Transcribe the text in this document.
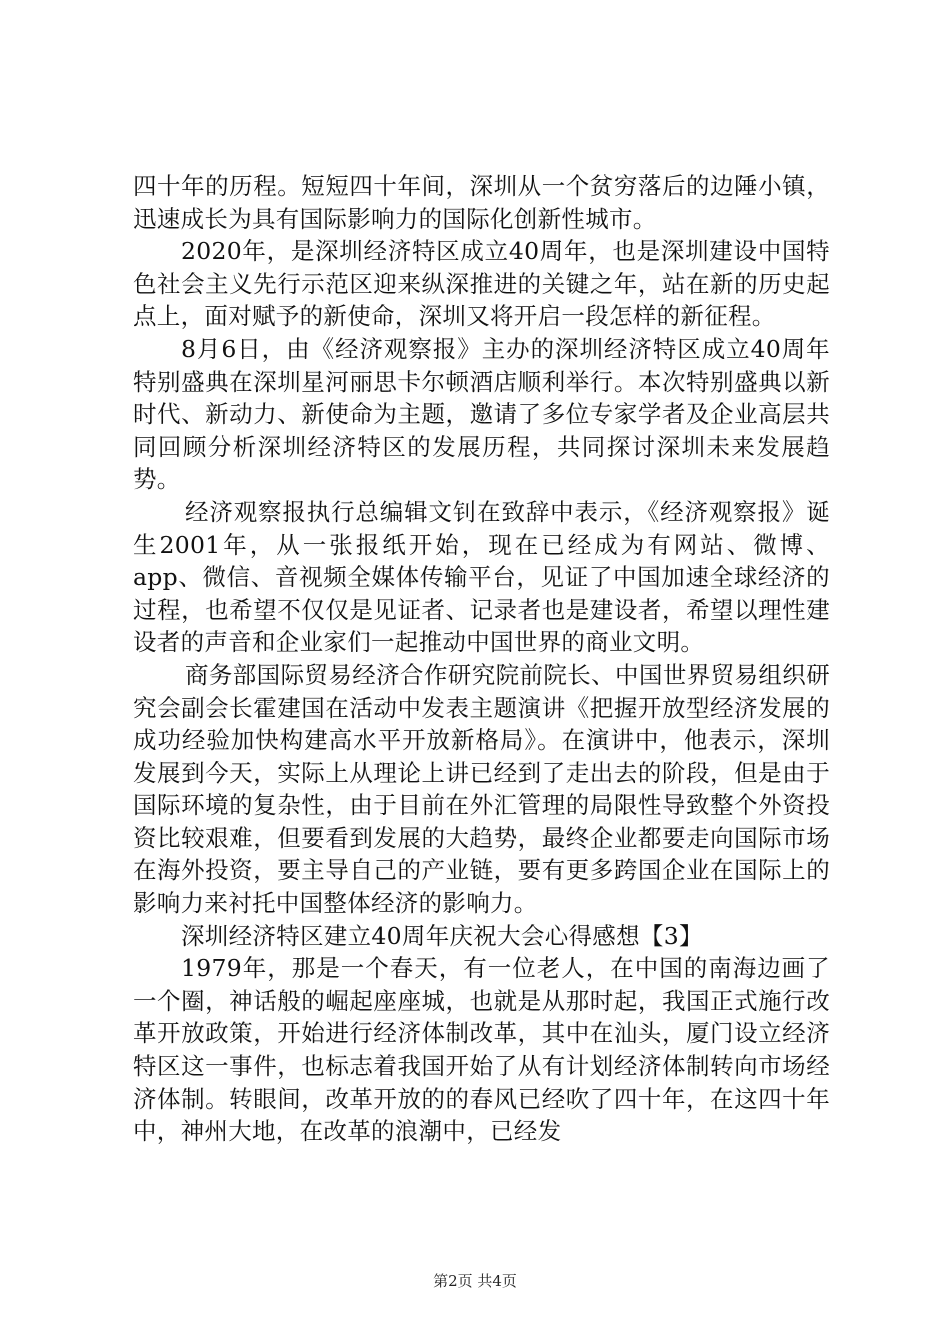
四十年的历程。短短四十年间，深圳从一个贫穷落后的边陲小镇，迅速成长为具有国际影响力的国际化创新性城市。

2020年，是深圳经济特区成立40周年，也是深圳建设中国特色社会主义先行示范区迎来纵深推进的关键之年，站在新的历史起点上，面对赋予的新使命，深圳又将开启一段怎样的新征程。

8月6日，由《经济观察报》主办的深圳经济特区成立40周年特别盛典在深圳星河丽思卡尔顿酒店顺利举行。本次特别盛典以新时代、新动力、新使命为主题，邀请了多位专家学者及企业高层共同回顾分析深圳经济特区的发展历程，共同探讨深圳未来发展趋势。

经济观察报执行总编辑文钊在致辞中表示，《经济观察报》诞生2001年，从一张报纸开始，现在已经成为有网站、微博、app、微信、音视频全媒体传输平台，见证了中国加速全球经济的过程，也希望不仅仅是见证者、记录者也是建设者，希望以理性建设者的声音和企业家们一起推动中国世界的商业文明。

商务部国际贸易经济合作研究院前院长、中国世界贸易组织研究会副会长霍建国在活动中发表主题演讲《把握开放型经济发展的成功经验加快构建高水平开放新格局》。在演讲中，他表示，深圳发展到今天，实际上从理论上讲已经到了走出去的阶段，但是由于国际环境的复杂性，由于目前在外汇管理的局限性导致整个外资投资比较艰难，但要看到发展的大趋势，最终企业都要走向国际市场在海外投资，要主导自己的产业链，要有更多跨国企业在国际上的影响力来衬托中国整体经济的影响力。

深圳经济特区建立40周年庆祝大会心得感想【3】

1979年，那是一个春天，有一位老人，在中国的南海边画了一个圈，神话般的崛起座座城，也就是从那时起，我国正式施行改革开放政策，开始进行经济体制改革，其中在汕头，厦门设立经济特区这一事件，也标志着我国开始了从有计划经济体制转向市场经济体制。转眼间，改革开放的的春风已经吹了四十年，在这四十年中，神州大地，在改革的浪潮中，已经发

第2页 共4页
